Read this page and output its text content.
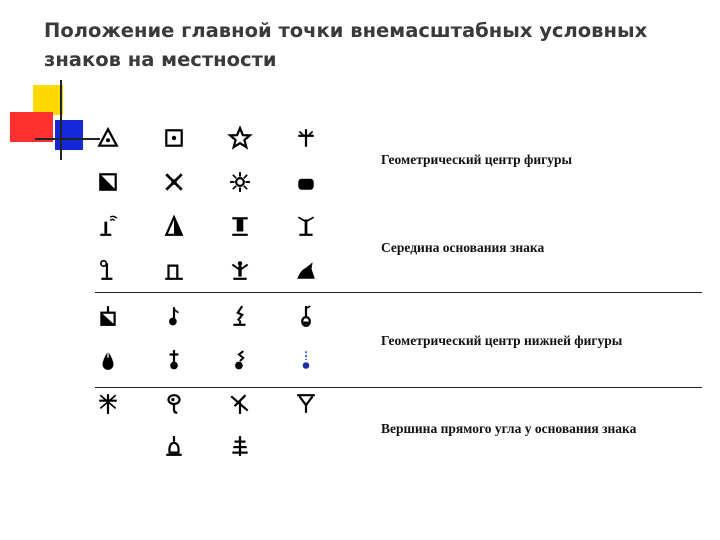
Положение главной точки внемасштабных условных знаков на местности
Геометрический центр фигуры
Середина основания знака
Геометрический центр нижней фигуры
Вершина прямого угла у основания знака
